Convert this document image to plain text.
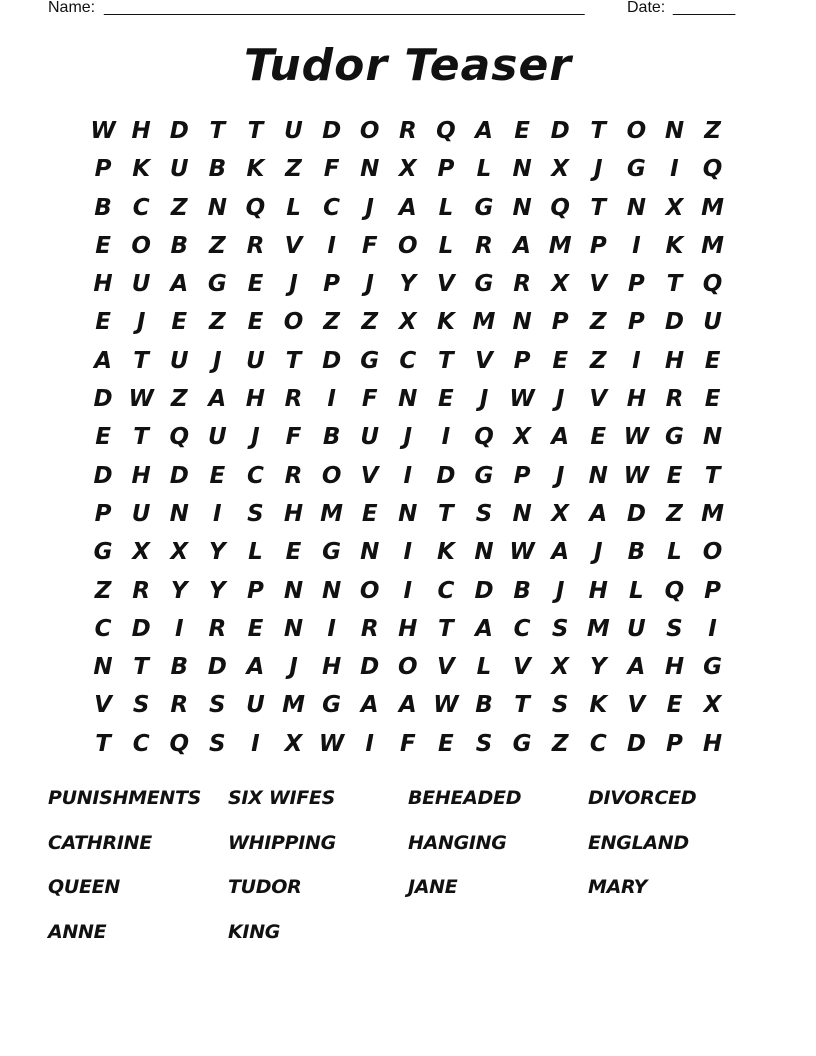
Name: ______________________________________________________	Date: _______
Tudor Teaser
W H D T T U D O R Q A E D T O N Z
P K U B K Z F N X P L N X	J	G	I	Q
B C Z N Q L C	J	A L G N Q T N X M
E O B Z R V	I	F O L R A M P	I	K M
H U A G E	J	P	J	Y V G R X V P T Q
E	J	E Z E O Z Z X K M N P Z P D U
A T U	J	U T D G C T V P E Z	I	H E
D W Z A H R	I	F N E	J W J	V H R E
E T Q U	J	F B U	J	I	Q X A E W G N
D H D E C R O V	I	D G P	J	N W E T
P U N	I	S H M E N T S N X A D Z M
G X X Y L E G N	I	K N W A	J	B L O
Z R Y Y P N N O	I	C D B	J	H L Q P
C D	I	R E N	I	R H T A C S M U S	I
N T B D A	J	H D O V L V X Y A H G
V S R S U M G A A W B T S K V E X
T C Q S	I	X W I	F E S G Z C D P H
PUNISHMENTS	SIX WIFES	BEHEADED	DIVORCED
CATHRINE	WHIPPING	HANGING	ENGLAND
QUEEN	TUDOR	JANE	MARY
ANNE	KING
